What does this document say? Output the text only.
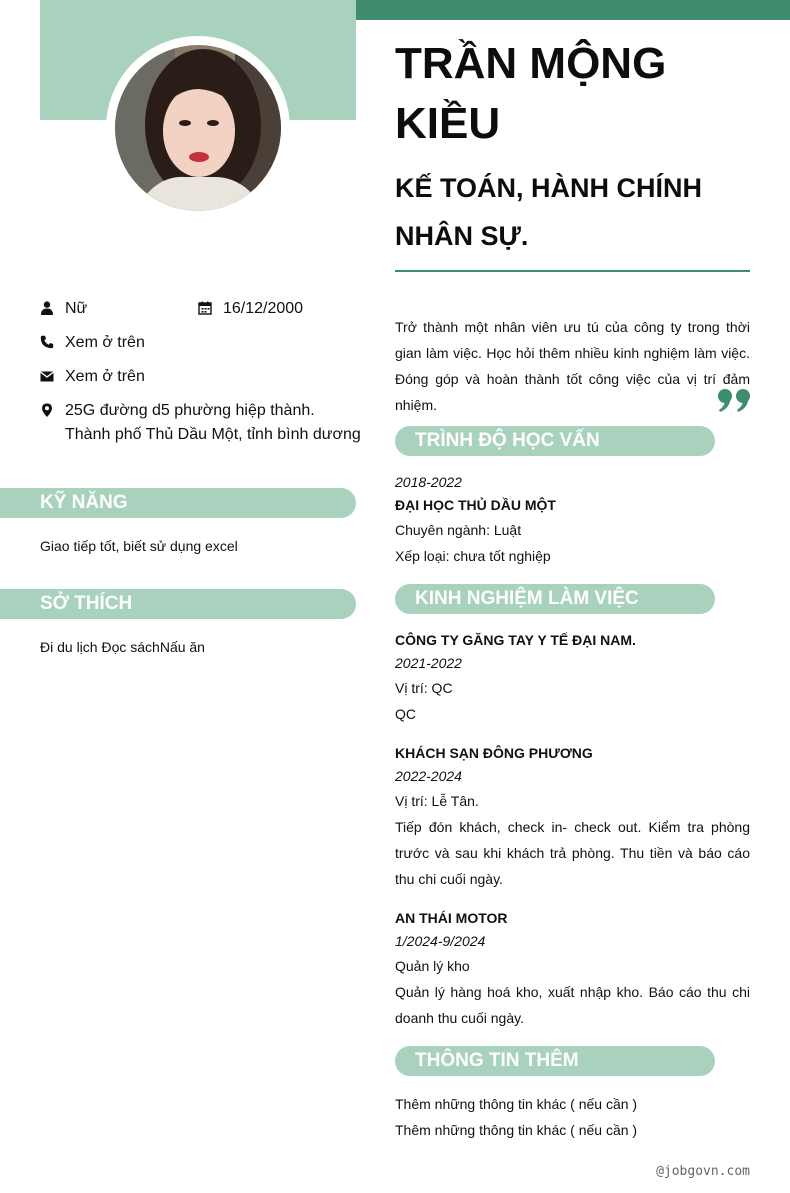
TRẦN MỘNG KIỀU
KẾ TOÁN, HÀNH CHÍNH NHÂN SỰ.
Nữ	16/12/2000
Xem ở trên
Xem ở trên
25G đường d5 phường hiệp thành.
Thành phố Thủ Dầu Một, tỉnh bình dương
KỸ NĂNG
Giao tiếp tốt, biết sử dụng excel
SỞ THÍCH
Đi du lịch Đọc sáchNấu ăn

Trở thành một nhân viên ưu tú của công ty trong thời gian làm việc. Học hỏi thêm nhiều kinh nghiệm làm việc. Đóng góp và hoàn thành tốt công việc của vị trí đảm nhiệm.

TRÌNH ĐỘ HỌC VẤN
2018-2022
ĐẠI HỌC THỦ DẦU MỘT
Chuyên ngành: Luật
Xếp loại: chưa tốt nghiệp
KINH NGHIỆM LÀM VIỆC
CÔNG TY GĂNG TAY Y TẾ ĐẠI NAM.
2021-2022
Vị trí: QC
QC
KHÁCH SẠN ĐÔNG PHƯƠNG
2022-2024
Vị trí: Lễ Tân.

Tiếp đón khách, check in- check out. Kiểm tra phòng trước và sau khi khách trả phòng. Thu tiền và báo cáo thu chi cuối ngày.

AN THÁI MOTOR
1/2024-9/2024
Quản lý kho

Quản lý hàng hoá kho, xuất nhập kho. Báo cáo thu chi doanh thu cuối ngày.

THÔNG TIN THÊM
Thêm những thông tin khác ( nếu cần )
Thêm những thông tin khác ( nếu cần )
@jobgovn.com
